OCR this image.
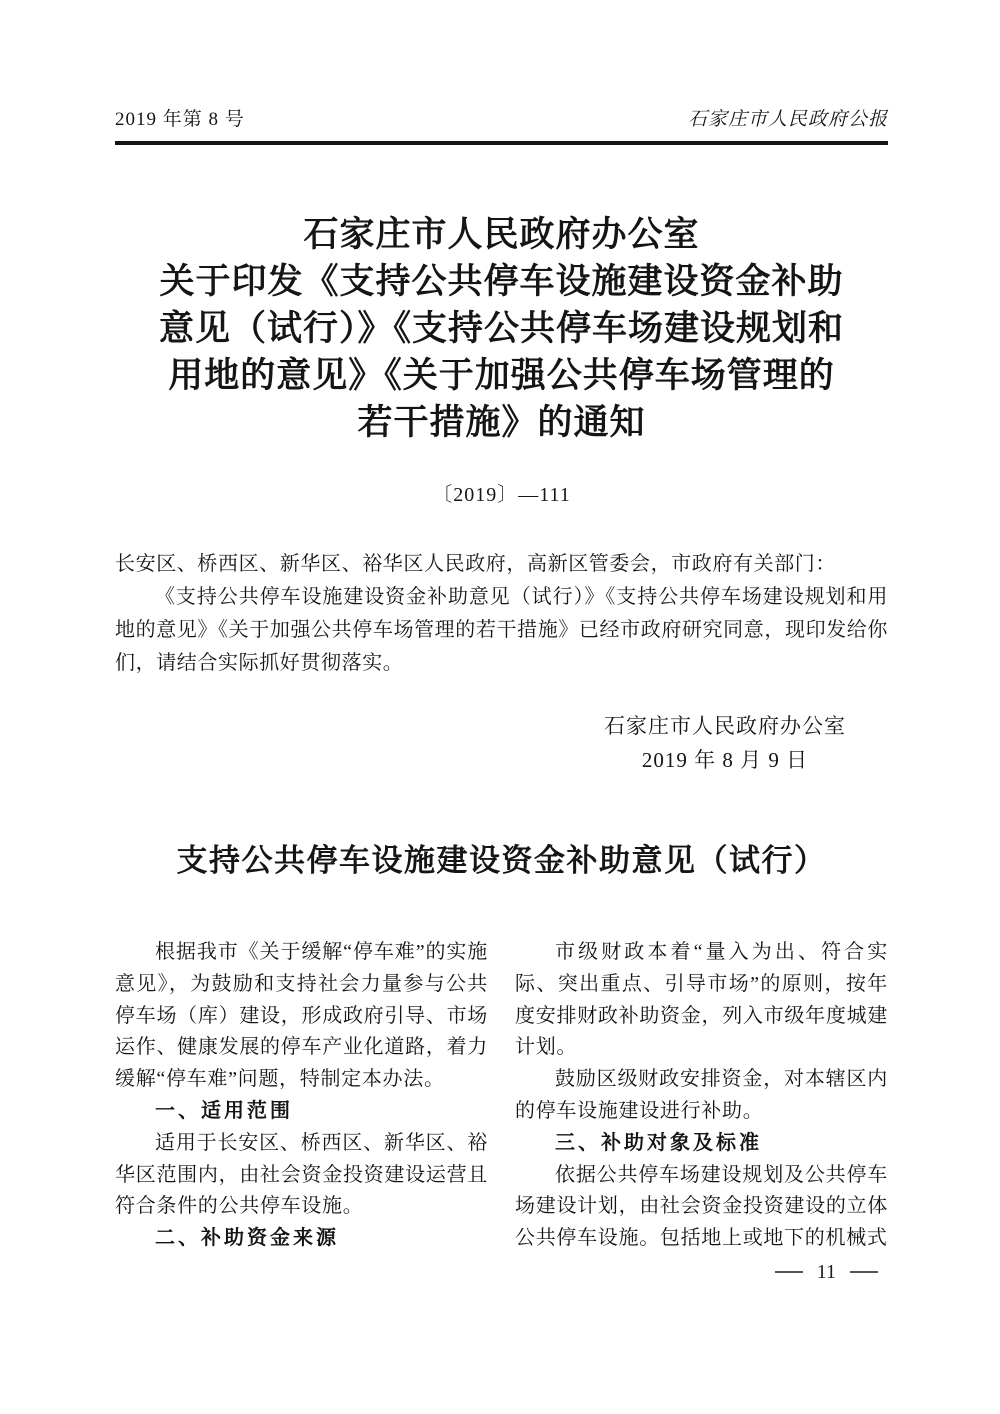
2019 年第 8 号	石家庄市人民政府公报
石家庄市人民政府办公室
关于印发《支持公共停车设施建设资金补助
意见（试行）》《支持公共停车场建设规划和
用地的意见》《关于加强公共停车场管理的
若干措施》的通知
〔2019〕—111

长安区、桥西区、新华区、裕华区人民政府，高新区管委会，市政府有关部门：

《支持公共停车设施建设资金补助意见（试行）》《支持公共停车场建设规划和用地的意见》《关于加强公共停车场管理的若干措施》已经市政府研究同意，现印发给你们，请结合实际抓好贯彻落实。

石家庄市人民政府办公室
2019 年 8 月 9 日
支持公共停车设施建设资金补助意见（试行）

根据我市《关于缓解“停车难”的实施意见》，为鼓励和支持社会力量参与公共停车场（库）建设，形成政府引导、市场运作、健康发展的停车产业化道路，着力缓解“停车难”问题，特制定本办法。

一、适用范围

适用于长安区、桥西区、新华区、裕华区范围内，由社会资金投资建设运营且符合条件的公共停车设施。

二、补助资金来源

市级财政本着“量入为出、符合实际、突出重点、引导市场”的原则，按年度安排财政补助资金，列入市级年度城建计划。

鼓励区级财政安排资金，对本辖区内的停车设施建设进行补助。

三、补助对象及标准

依据公共停车场建设规划及公共停车场建设计划，由社会资金投资建设的立体公共停车设施。包括地上或地下的机械式

11
